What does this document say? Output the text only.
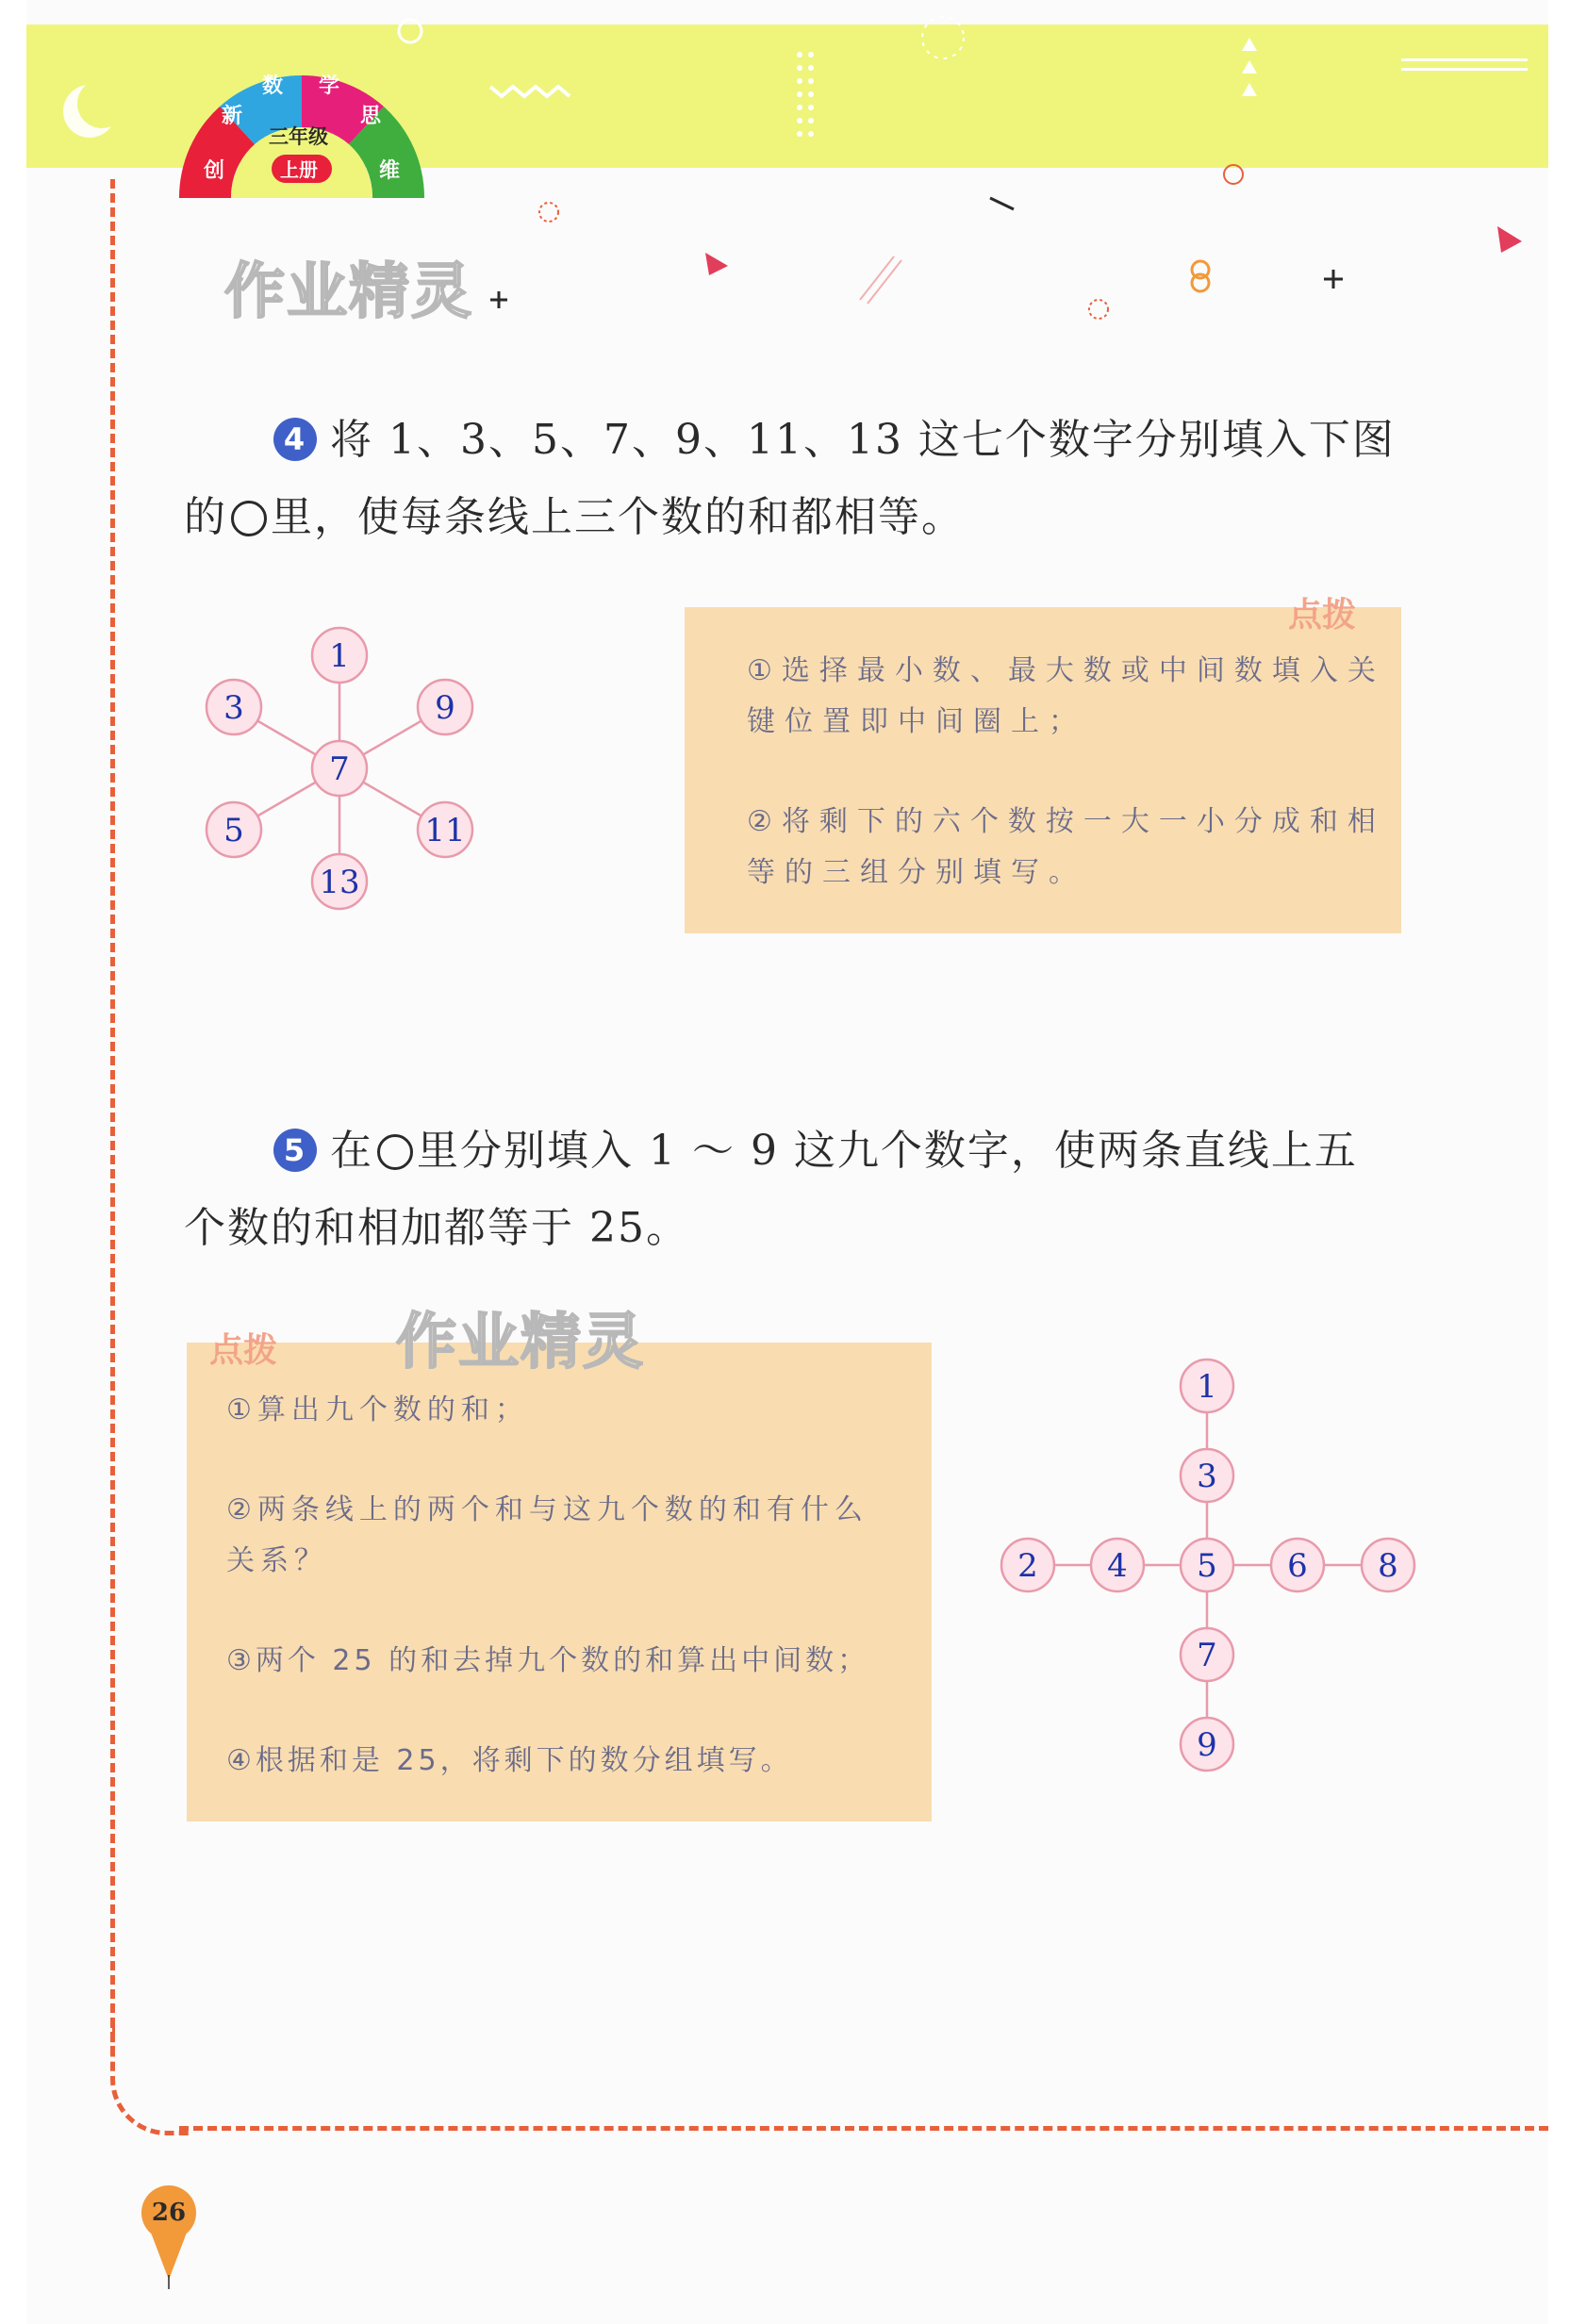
创
新
数 学
思
维
三年级
上册
作业精灵
4 将 1、3、5、7、9、11、13 这七个数字分别填入下图
的 里，使每条线上三个数的和都相等。
1
3	9
7
5	11
13
点拨
①选择最小数、最大数或中间数填入关
键位置即中间圈上；
②将剩下的六个数按一大一小分成和相
等的三组分别填写。
5 在 里分别填入 1 ～ 9 这九个数字，使两条直线上五
个数的和相加都等于 25。
点拨 作业精灵
①算出九个数的和；
②两条线上的两个和与这九个数的和有什么
关系？
③两个 25 的和去掉九个数的和算出中间数；
④根据和是 25，将剩下的数分组填写。
1
3
5
7
9
2 4	6 8
26
